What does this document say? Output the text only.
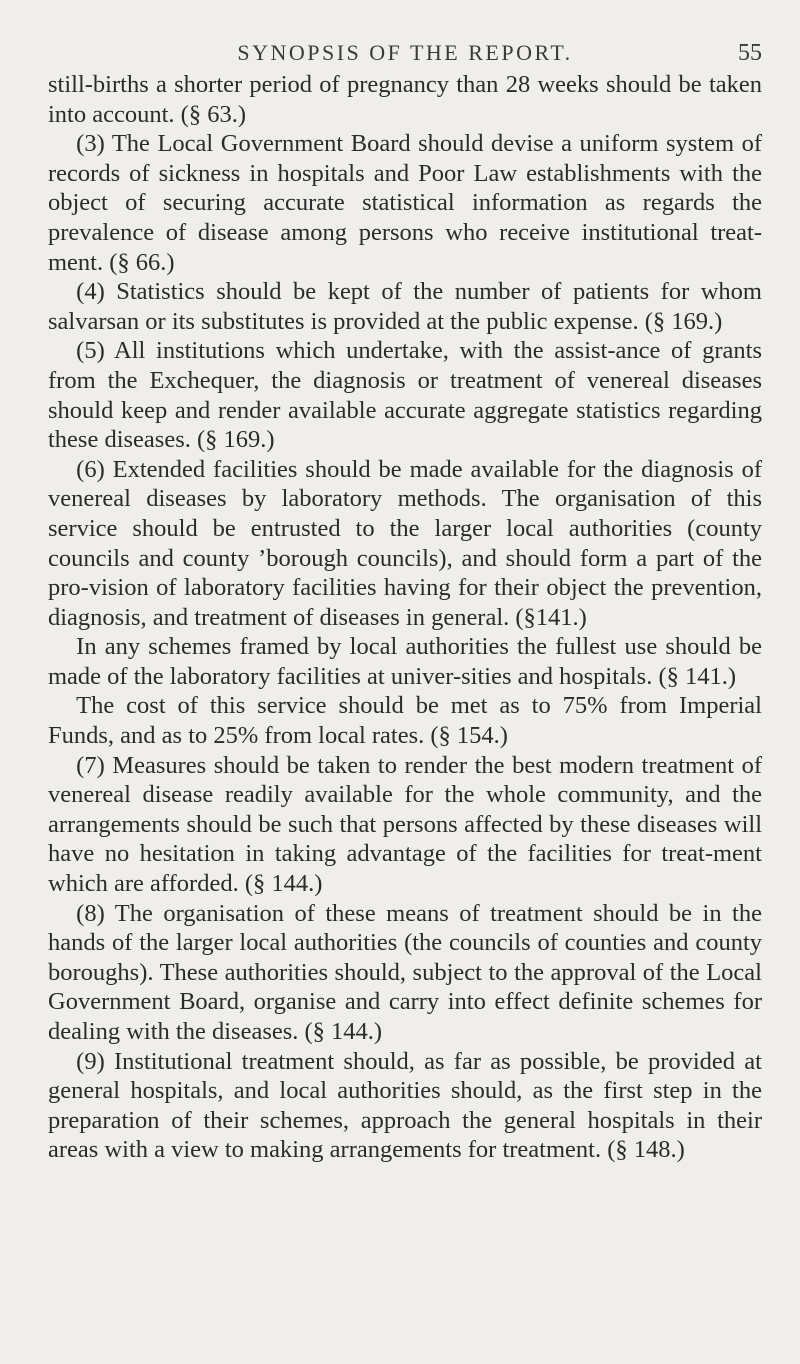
SYNOPSIS OF THE REPORT.	55

still-births a shorter period of pregnancy than 28 weeks should be taken into account. (§ 63.)

(3) The Local Government Board should devise a uniform system of records of sickness in hospitals and Poor Law establishments with the object of securing accurate statistical information as regards the prevalence of disease among persons who receive institutional treat-ment. (§ 66.)

(4) Statistics should be kept of the number of patients for whom salvarsan or its substitutes is provided at the public expense. (§ 169.)

(5) All institutions which undertake, with the assist-ance of grants from the Exchequer, the diagnosis or treatment of venereal diseases should keep and render available accurate aggregate statistics regarding these diseases. (§ 169.)

(6) Extended facilities should be made available for the diagnosis of venereal diseases by laboratory methods. The organisation of this service should be entrusted to the larger local authorities (county councils and county ’borough councils), and should form a part of the pro-vision of laboratory facilities having for their object the prevention, diagnosis, and treatment of diseases in general. (§141.)

In any schemes framed by local authorities the fullest use should be made of the laboratory facilities at univer-sities and hospitals. (§ 141.)

The cost of this service should be met as to 75% from Imperial Funds, and as to 25% from local rates. (§ 154.)

(7) Measures should be taken to render the best modern treatment of venereal disease readily available for the whole community, and the arrangements should be such that persons affected by these diseases will have no hesitation in taking advantage of the facilities for treat-ment which are afforded. (§ 144.)

(8) The organisation of these means of treatment should be in the hands of the larger local authorities (the councils of counties and county boroughs). These authorities should, subject to the approval of the Local Government Board, organise and carry into effect definite schemes for dealing with the diseases. (§ 144.)

(9) Institutional treatment should, as far as possible, be provided at general hospitals, and local authorities should, as the first step in the preparation of their schemes, approach the general hospitals in their areas with a view to making arrangements for treatment. (§ 148.)
